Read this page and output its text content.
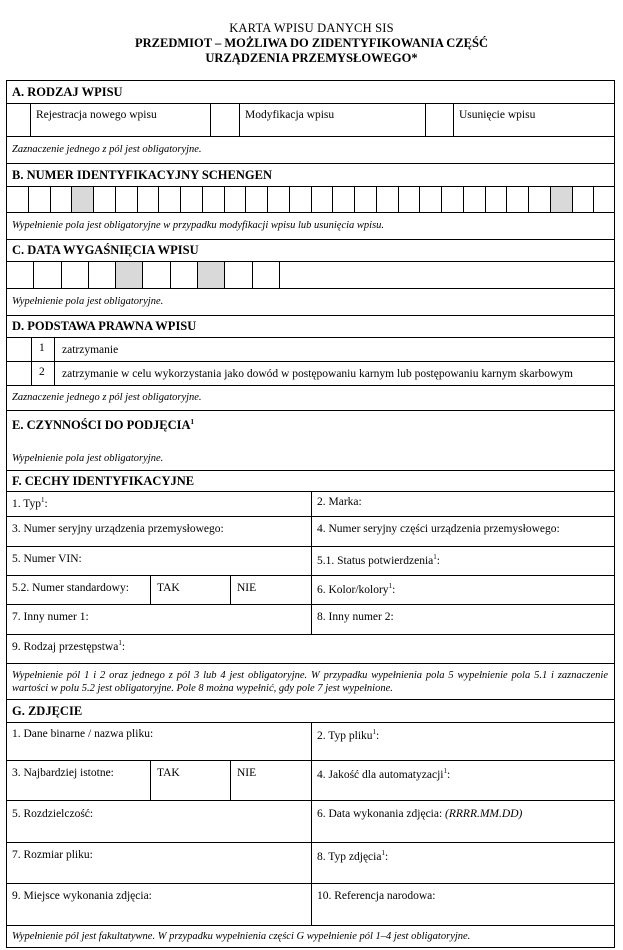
KARTA WPISU DANYCH SIS
PRZEDMIOT – MOŻLIWA DO ZIDENTYFIKOWANIA CZĘŚĆ
URZĄDZENIA PRZEMYSŁOWEGO*
A. RODZAJ WPISU
Rejestracja nowego wpisu	Modyfikacja wpisu	Usunięcie wpisu
Zaznaczenie jednego z pól jest obligatoryjne.
B. NUMER IDENTYFIKACYJNY SCHENGEN
Wypełnienie pola jest obligatoryjne w przypadku modyfikacji wpisu lub usunięcia wpisu.
C. DATA WYGAŚNIĘCIA WPISU
Wypełnienie pola jest obligatoryjne.
D. PODSTAWA PRAWNA WPISU
1 zatrzymanie
2 zatrzymanie w celu wykorzystania jako dowód w postępowaniu karnym lub postępowaniu karnym skarbowym
Zaznaczenie jednego z pól jest obligatoryjne.
E. CZYNNOŚCI DO PODJĘCIA$^1$
Wypełnienie pola jest obligatoryjne.
F. CECHY IDENTYFIKACYJNE
1. Typ$^1$:	2. Marka:
3. Numer seryjny urządzenia przemysłowego:	4. Numer seryjny części urządzenia przemysłowego:
5. Numer VIN:	5.1. Status potwierdzenia$^1$:
5.2. Numer standardowy: TAK	NIE	6. Kolor/kolory$^1$:
7. Inny numer 1:	8. Inny numer 2:
9. Rodzaj przestępstwa$^1$:
Wypełnienie pól 1 i 2 oraz jednego z pól 3 lub 4 jest obligatoryjne. W przypadku wypełnienia pola 5 wypełnienie pola 5.1 i zaznaczenie wartości w polu 5.2 jest obligatoryjne. Pole 8 można wypełnić, gdy pole 7 jest wypełnione.
G. ZDJĘCIE
1. Dane binarne / nazwa pliku:	2. Typ pliku$^1$:
3. Najbardziej istotne:	TAK	NIE	4. Jakość dla automatyzacji$^1$:
5. Rozdzielczość:	6. Data wykonania zdjęcia: (RRRR.MM.DD)
7. Rozmiar pliku:	8. Typ zdjęcia$^1$:
9. Miejsce wykonania zdjęcia:	10. Referencja narodowa:
Wypełnienie pól jest fakultatywne. W przypadku wypełnienia części G wypełnienie pól 1–4 jest obligatoryjne.
